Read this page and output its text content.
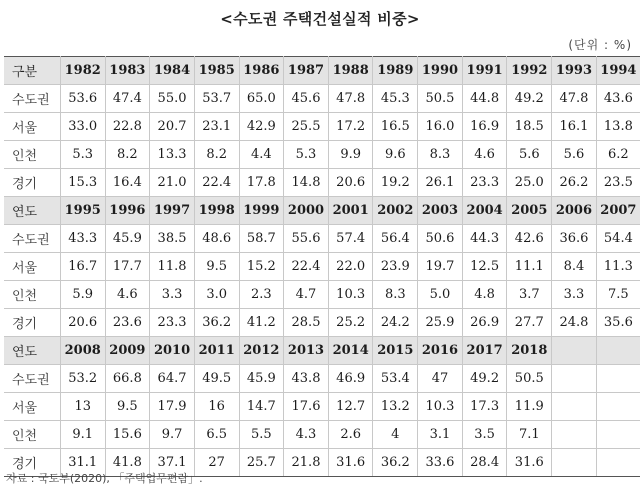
<수도권 주택건설실적 비중>
(단위 : %)
구분	1982	1983	1984	1985	1986	1987	1988	1989	1990	1991	1992	1993	1994
수도권	53.6	47.4	55.0	53.7	65.0	45.6	47.8	45.3	50.5	44.8	49.2	47.8	43.6
서울	33.0	22.8	20.7	23.1	42.9	25.5	17.2	16.5	16.0	16.9	18.5	16.1	13.8
인천	5.3	8.2	13.3	8.2	4.4	5.3	9.9	9.6	8.3	4.6	5.6	5.6	6.2
경기	15.3	16.4	21.0	22.4	17.8	14.8	20.6	19.2	26.1	23.3	25.0	26.2	23.5
연도	1995	1996	1997	1998	1999	2000	2001	2002	2003	2004	2005	2006	2007
수도권	43.3	45.9	38.5	48.6	58.7	55.6	57.4	56.4	50.6	44.3	42.6	36.6	54.4
서울	16.7	17.7	11.8	9.5	15.2	22.4	22.0	23.9	19.7	12.5	11.1	8.4	11.3
인천	5.9	4.6	3.3	3.0	2.3	4.7	10.3	8.3	5.0	4.8	3.7	3.3	7.5
경기	20.6	23.6	23.3	36.2	41.2	28.5	25.2	24.2	25.9	26.9	27.7	24.8	35.6
연도	2008	2009	2010	2011	2012	2013	2014	2015	2016	2017	2018		
수도권	53.2	66.8	64.7	49.5	45.9	43.8	46.9	53.4	47	49.2	50.5		
서울	13	9.5	17.9	16	14.7	17.6	12.7	13.2	10.3	17.3	11.9		
인천	9.1	15.6	9.7	6.5	5.5	4.3	2.6	4	3.1	3.5	7.1		
경기	31.1	41.8	37.1	27	25.7	21.8	31.6	36.2	33.6	28.4	31.6		
자료 : 국토부(2020), 「주택업무편람」.
